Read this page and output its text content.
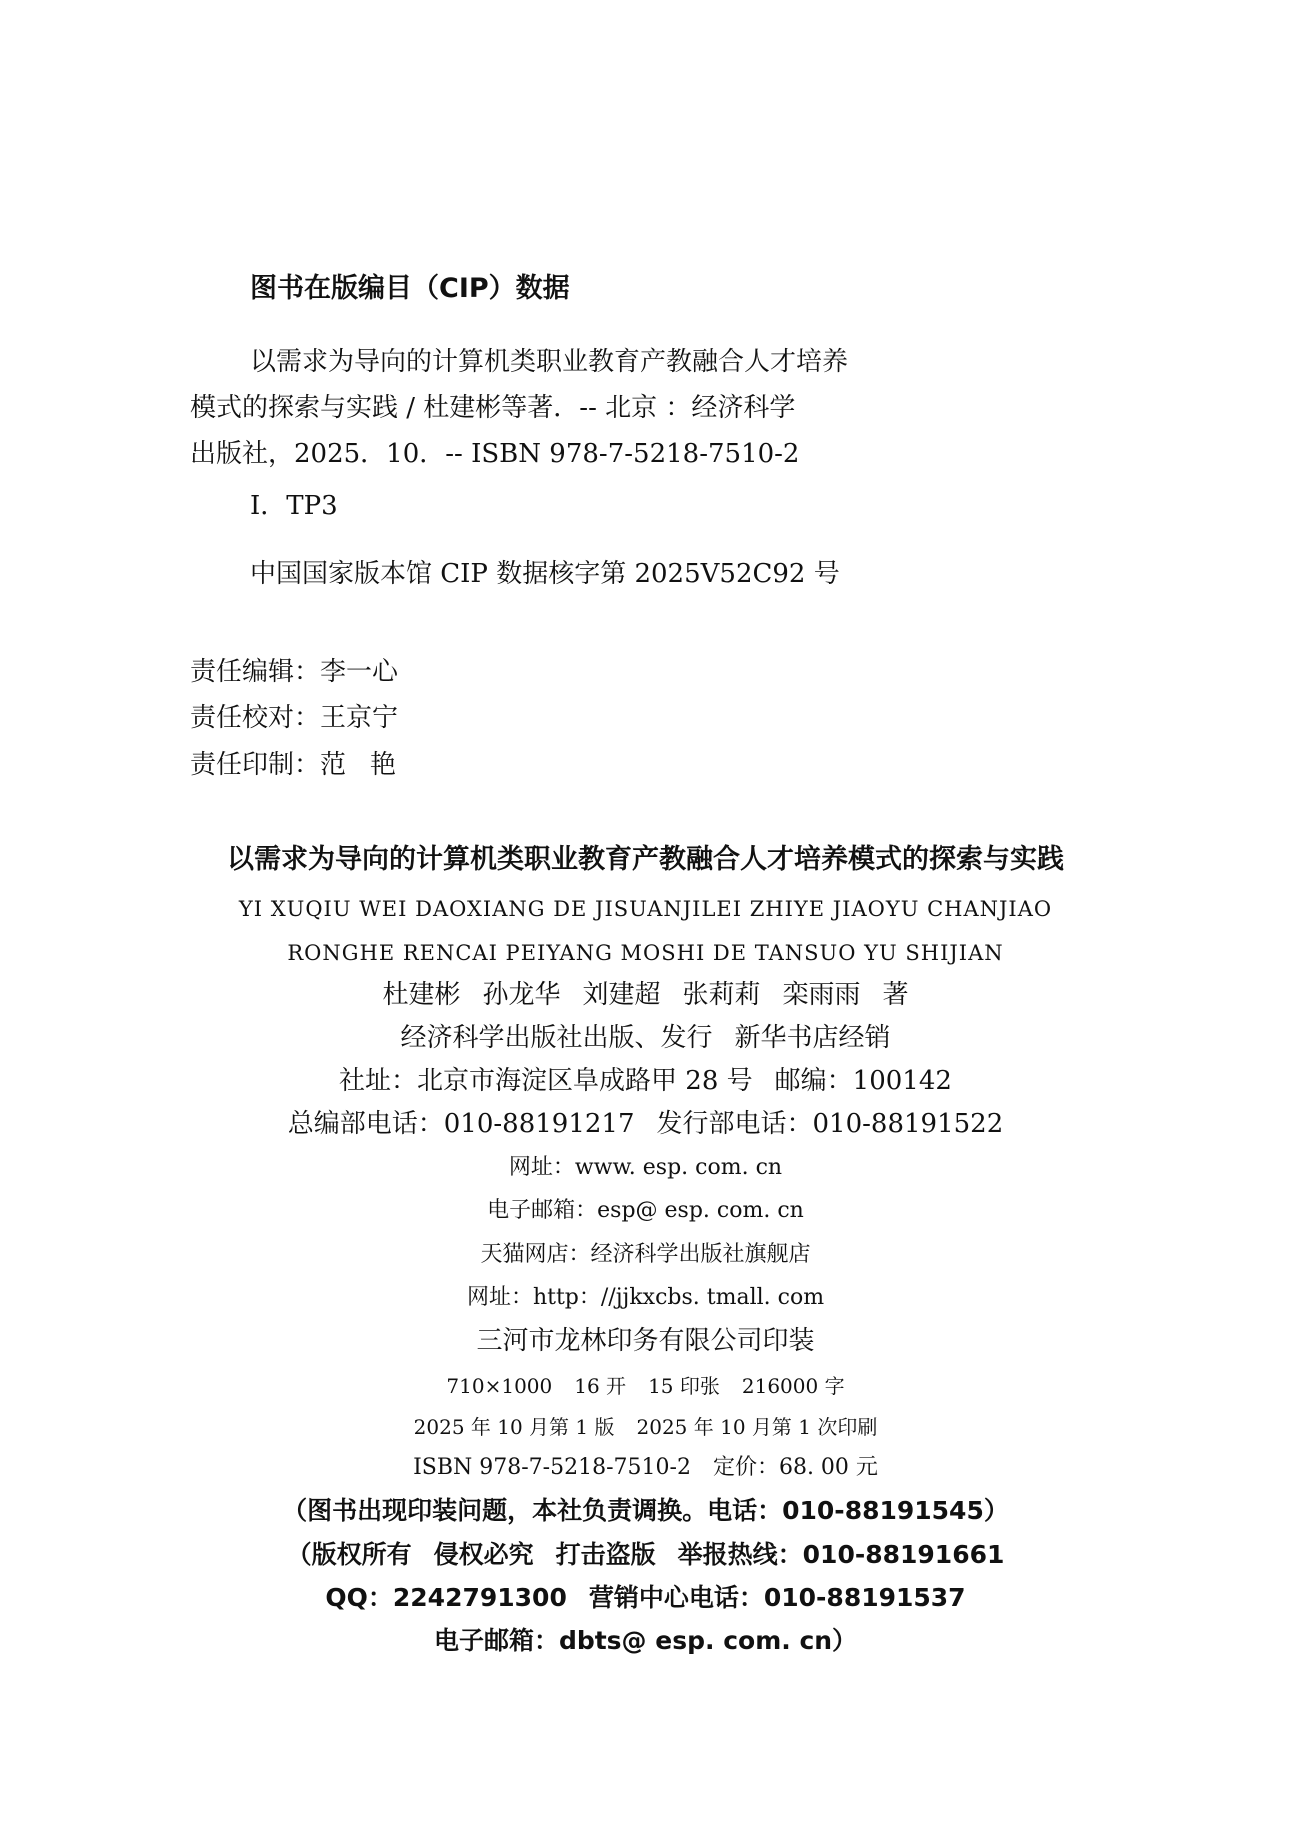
图书在版编目（CIP）数据
以需求为导向的计算机类职业教育产教融合人才培养
模式的探索与实践 / 杜建彬等著．-- 北京 ：经济科学
出版社，2025．10．-- ISBN 978-7-5218-7510-2
Ⅰ．TP3
中国国家版本馆 CIP 数据核字第 2025V52C92 号
责任编辑：李一心
责任校对：王京宁
责任印制：范艳
以需求为导向的计算机类职业教育产教融合人才培养模式的探索与实践
YI XUQIU WEI DAOXIANG DE JISUANJILEI ZHIYE JIAOYU CHANJIAO
RONGHE RENCAI PEIYANG MOSHI DE TANSUO YU SHIJIAN
杜建彬 孙龙华 刘建超 张莉莉 栾雨雨 著
经济科学出版社出版、发行 新华书店经销
社址：北京市海淀区阜成路甲 28 号 邮编：100142
总编部电话：010-88191217 发行部电话：010-88191522
网址：www. esp. com. cn
电子邮箱：esp@ esp. com. cn
天猫网店：经济科学出版社旗舰店
网址：http：//jjkxcbs. tmall. com
三河市龙林印务有限公司印装
710×1000 16 开 15 印张 216000 字
2025 年 10 月第 1 版 2025 年 10 月第 1 次印刷
ISBN 978-7-5218-7510-2 定价：68. 00 元
（图书出现印装问题，本社负责调换。电话：010-88191545）
（版权所有 侵权必究 打击盗版 举报热线：010-88191661
QQ：2242791300 营销中心电话：010-88191537
电子邮箱：dbts@ esp. com. cn）
